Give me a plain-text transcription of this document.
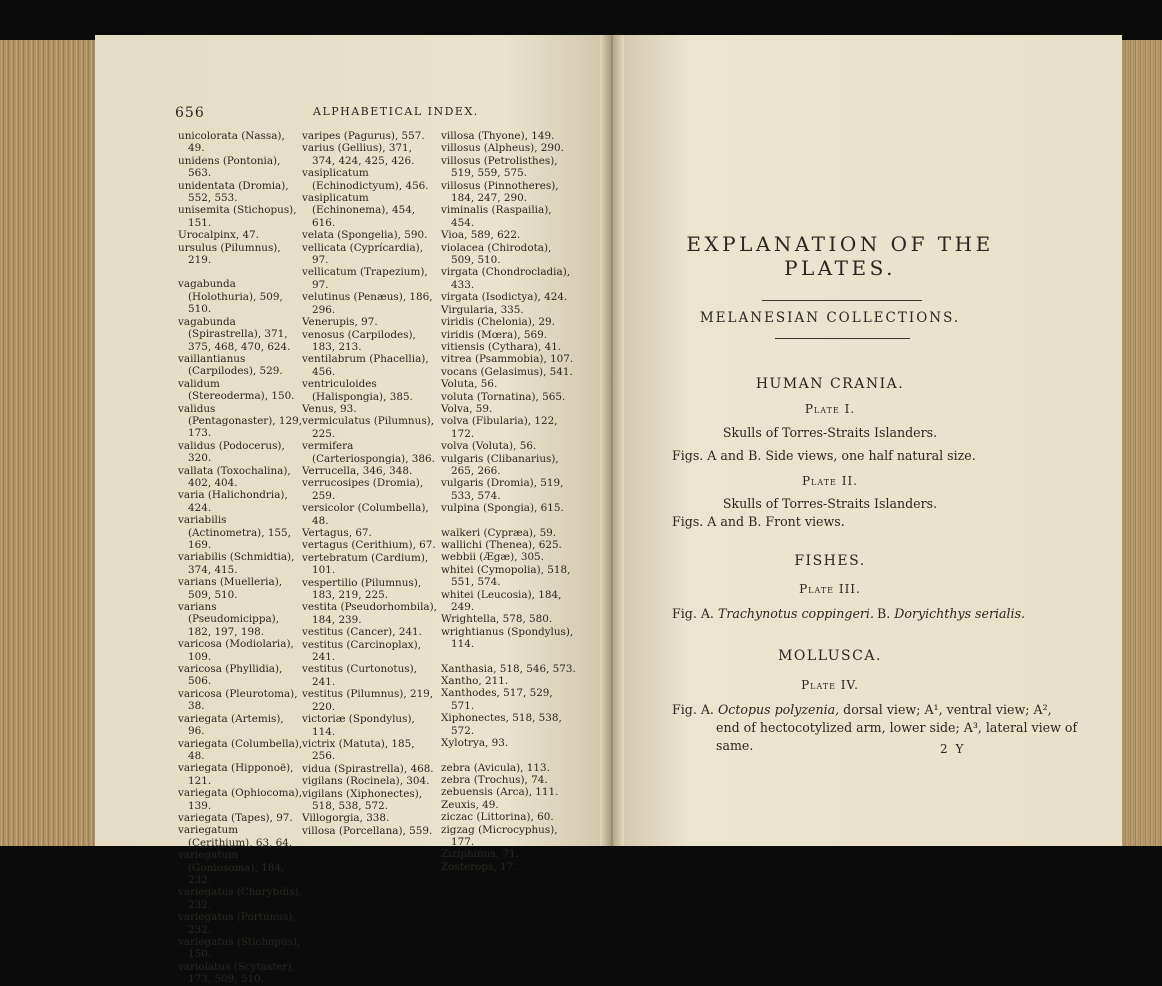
656	ALPHABETICAL INDEX.
unicolorata (Nassa), 49.
unidens (Pontonia), 563.
unidentata (Dromia), 552, 553.
unisemita (Stichopus), 151.
Urocalpinx, 47.
ursulus (Pilumnus), 219.
vagabunda (Holothuria), 509, 510.
vagabunda (Spirastrella), 371, 375, 468, 470, 624.
vaillantianus (Carpilodes), 529.
validum (Stereoderma), 150.
validus (Pentagonaster), 129, 173.
validus (Podocerus), 320.
vallata (Toxochalina), 402, 404.
varia (Halichondria), 424.
variabilis (Actinometra), 155, 169.
variabilis (Schmidtia), 374, 415.
varians (Muelleria), 509, 510.
varians (Pseudomicippa), 182, 197, 198.
varicosa (Modiolaria), 109.
varicosa (Phyllidia), 506.
varicosa (Pleurotoma), 38.
variegata (Artemis), 96.
variegata (Columbella), 48.
variegata (Hipponoë), 121.
variegata (Ophiocoma), 139.
variegata (Tapes), 97.
variegatum (Cerithium), 63, 64.
variegatum (Goniosoma), 184, 232.
variegatus (Charybdis), 232.
variegatus (Portunus), 232.
variegatus (Stichopus), 150.
variolatus (Scytaster), 173, 509, 510.
varipes (Pagurus), 557.
varius (Gellius), 371, 374, 424, 425, 426.
vasiplicatum (Echinodictyum), 456.
vasiplicatum (Echinonema), 454, 616.
velata (Spongelia), 590.
vellicata (Cyprícardia), 97.
vellicatum (Trapezium), 97.
velutinus (Penæus), 186, 296.
Venerupis, 97.
venosus (Carpilodes), 183, 213.
ventilabrum (Phacellia), 456.
ventriculoides (Halispongia), 385.
Venus, 93.
vermiculatus (Pilumnus), 225.
vermifera (Carteriospongia), 386.
Verrucella, 346, 348.
verrucosipes (Dromia), 259.
versicolor (Columbella), 48.
Vertagus, 67.
vertagus (Cerithium), 67.
vertebratum (Cardium), 101.
vespertilio (Pilumnus), 183, 219, 225.
vestita (Pseudorhombila), 184, 239.
vestitus (Cancer), 241.
vestitus (Carcinoplax), 241.
vestitus (Curtonotus), 241.
vestitus (Pilumnus), 219, 220.
victoriæ (Spondylus), 114.
victrix (Matuta), 185, 256.
vidua (Spirastrella), 468.
vigilans (Rocinela), 304.
vigilans (Xiphonectes), 518, 538, 572.
Villogorgia, 338.
villosa (Porcellana), 559.
villosa (Thyone), 149.
villosus (Alpheus), 290.
villosus (Petrolisthes), 519, 559, 575.
villosus (Pinnotheres), 184, 247, 290.
viminalis (Raspailia), 454.
Vioa, 589, 622.
violacea (Chirodota), 509, 510.
virgata (Chondrocladia), 433.
virgata (Isodictya), 424.
Virgularia, 335.
viridis (Chelonia), 29.
viridis (Mœra), 569.
vitiensis (Cythara), 41.
vitrea (Psammobia), 107.
vocans (Gelasimus), 541.
Voluta, 56.
voluta (Tornatina), 565.
Volva, 59.
volva (Fibularia), 122, 172.
volva (Voluta), 56.
vulgaris (Clibanarius), 265, 266.
vulgaris (Dromia), 519, 533, 574.
vulpina (Spongia), 615.
walkeri (Cypræa), 59.
wallichi (Thenea), 625.
webbii (Ægæ), 305.
whitei (Cymopolia), 518, 551, 574.
whitei (Leucosia), 184, 249.
Wrightella, 578, 580.
wrightianus (Spondylus), 114.
Xanthasia, 518, 546, 573.
Xantho, 211.
Xanthodes, 517, 529, 571.
Xiphonectes, 518, 538, 572.
Xylotrya, 93.
zebra (Avicula), 113.
zebra (Trochus), 74.
zebuensis (Arca), 111.
Zeuxis, 49.
ziczac (Littorina), 60.
zigzag (Microcyphus), 177.
Ziziphinus, 71.
Zosterops, 17.
EXPLANATION OF THE PLATES.
MELANESIAN COLLECTIONS.
HUMAN CRANIA.
Plate I.
Skulls of Torres-Straits Islanders.
Figs. A and B. Side views, one half natural size.
Plate II.
Skulls of Torres-Straits Islanders.
Figs. A and B. Front views.
FISHES.
Plate III.
Fig. A. Trachynotus coppingeri. B. Doryichthys serialis.
MOLLUSCA.
Plate IV.
Fig. A. Octopus polyzenia, dorsal view; A¹, ventral view; A²,
end of hectocotylized arm, lower side; A³, lateral view of
same.	2 Y
